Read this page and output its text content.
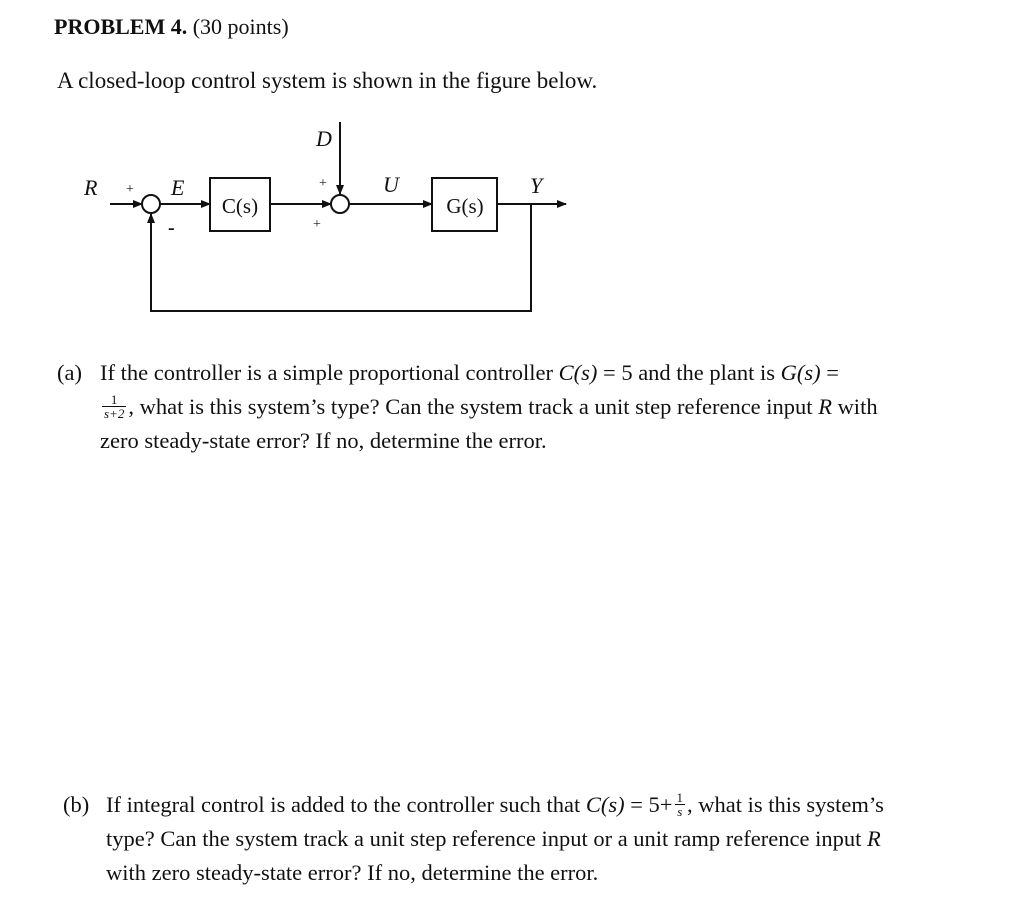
PROBLEM 4. (30 points)
A closed-loop control system is shown in the figure below.
R + E
-
C(s)
D
+
+
U
G(s)
Y
(a) If the controller is a simple proportional controller C(s) = 5 and the plant is G(s) =
$\frac{1}{s+2}$ , what is this system’s type? Can the system track a unit step reference input R with
zero steady-state error? If no, determine the error.
(b) If integral control is added to the controller such that $C(s) = 5+ \frac{1}{s}$ , what is this system’s
type? Can the system track a unit step reference input or a unit ramp reference input R
with zero steady-state error? If no, determine the error.
